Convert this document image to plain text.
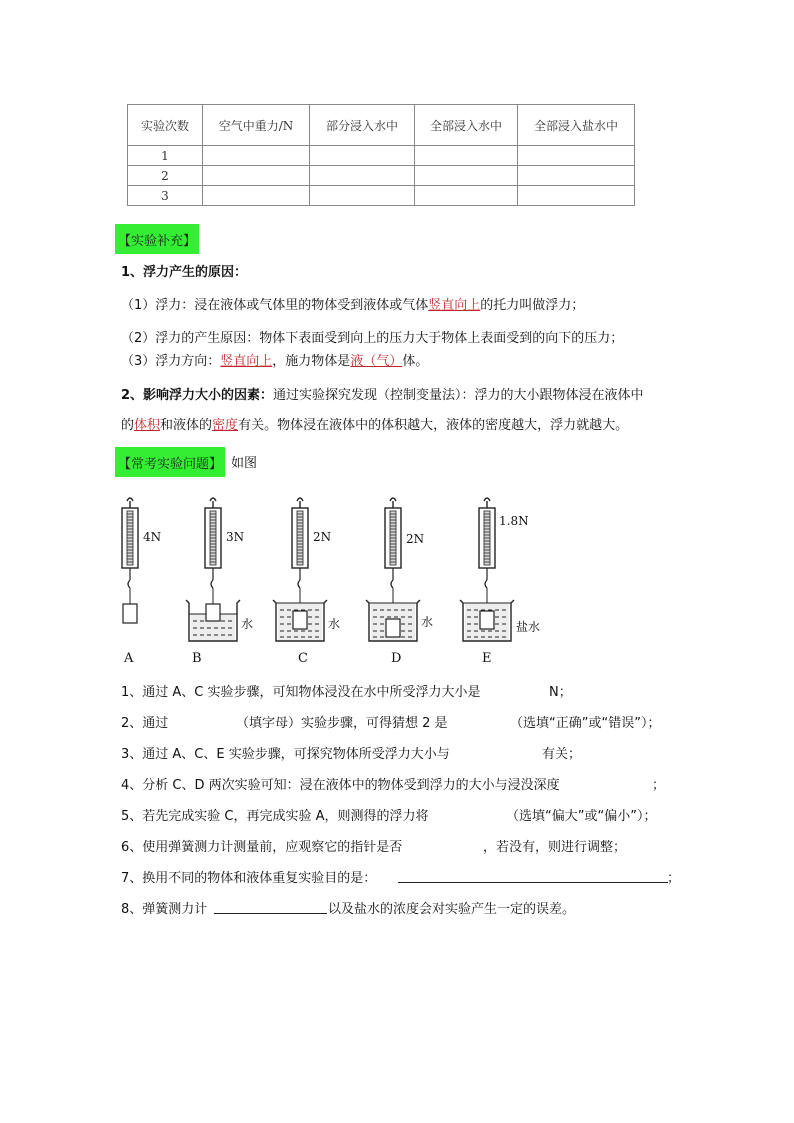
实验次数	空气中重力/N	部分浸入水中	全部浸入水中	全部浸入盐水中
1				
2				
3				
【实验补充】
1、浮力产生的原因：
（1）浮力：浸在液体或气体里的物体受到液体或气体竖直向上的托力叫做浮力；
（2）浮力的产生原因：物体下表面受到向上的压力大于物体上表面受到的向下的压力；
（3）浮力方向：竖直向上，施力物体是液（气）体。
2、影响浮力大小的因素：通过实验探究发现（控制变量法）：浮力的大小跟物体浸在液体中
的体积和液体的密度有关。物体浸在液体中的体积越大，液体的密度越大，浮力就越大。
【常考实验问题】 如图
4N	3N	2N	2N
1.8N
水	水	水	盐水
A	B	C	D	E
1、通过 A、C 实验步骤，可知物体浸没在水中所受浮力大小是	N；
2、通过	（填字母）实验步骤，可得猜想 2 是	（选填“正确”或“错误”）；
3、通过 A、C、E 实验步骤，可探究物体所受浮力大小与	有关；
4、分析 C、D 两次实验可知：浸在液体中的物体受到浮力的大小与浸没深度	；
5、若先完成实验 C，再完成实验 A，则测得的浮力将	（选填“偏大”或“偏小”）；
6、使用弹簧测力计测量前，应观察它的指针是否	，若没有，则进行调整；
7、换用不同的物体和液体重复实验目的是：	；
8、弹簧测力计	以及盐水的浓度会对实验产生一定的误差。
